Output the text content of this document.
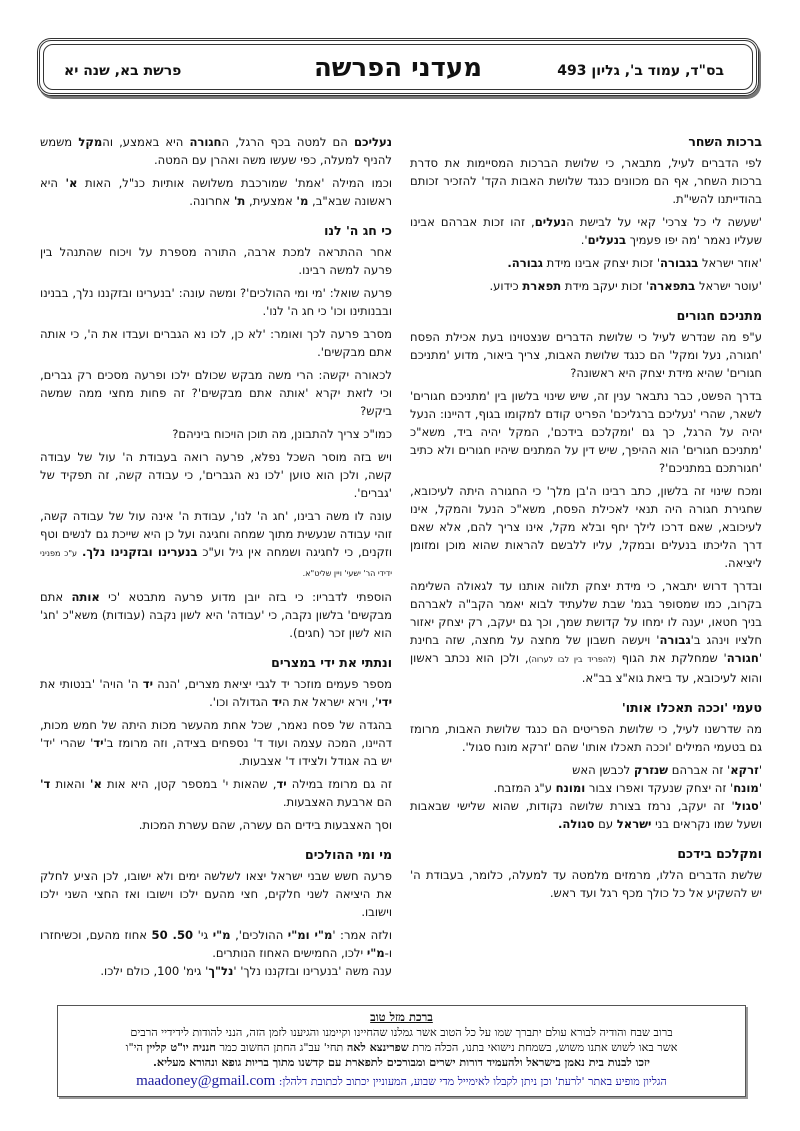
בס"ד, עמוד ב', גליון 493
מעדני הפרשה
פרשת בא, שנה יא
ברכות השחר

לפי הדברים לעיל, מתבאר, כי שלושת הברכות המסיימות את סדרת ברכות השחר, אף הם מכוונים כנגד שלושת האבות הקד' להזכיר זכותם בהודייתנו להשי"ת.

'שעשה לי כל צרכי' קאי על לבישת הנעלים, זהו זכות אברהם אבינו שעליו נאמר 'מה יפו פעמיך בנעלים'.

'אוזר ישראל בגבורה' זכות יצחק אבינו מידת גבורה.

'עוטר ישראל בתפארה' זכות יעקב מידת תפארת כידוע.

מתניכם חגורים

ע"פ מה שנדרש לעיל כי שלושת הדברים שנצטוינו בעת אכילת הפסח 'חגורה, נעל ומקל' הם כנגד שלושת האבות, צריך ביאור, מדוע 'מתניכם חגורים' שהיא מידת יצחק היא ראשונה?

בדרך הפשט, כבר נתבאר ענין זה, שיש שינוי בלשון בין 'מתניכם חגורים' לשאר, שהרי 'נעליכם ברגליכם' הפריט קודם למקומו בגוף, דהיינו: הנעל יהיה על הרגל, כך גם 'ומקלכם בידכם', המקל יהיה ביד, משא"כ 'מתניכם חגורים' הוא ההיפך, שיש דין על המתנים שיהיו חגורים ולא כתיב 'חגורתכם במתניכם'?

ומכח שינוי זה בלשון, כתב רבינו ה'בן מלך' כי החגורה היתה לעיכובא, שחגירת חגורה היה תנאי לאכילת הפסח, משא"כ הנעל והמקל, אינו לעיכובא, שאם דרכו לילך יחף ובלא מקל, אינו צריך להם, אלא שאם דרך הליכתו בנעלים ובמקל, עליו ללבשם להראות שהוא מוכן ומזומן ליציאה.

ובדרך דרוש יתבאר, כי מידת יצחק תלווה אותנו עד לגאולה השלימה בקרוב, כמו שמסופר בגמ' שבת שלעתיד לבוא יאמר הקב"ה לאברהם בניך חטאו, יענה לו ימחו על קדושת שמך, וכך גם יעקב, רק יצחק יאזור חלציו וינהג ב'גבורה' ויעשה חשבון של מחצה על מחצה, שזה בחינת 'חגורה' שמחלקת את הגוף (להפריד בין לבו לערוה), ולכן הוא נכתב ראשון והוא לעיכובא, עד ביאת גוא"צ בב"א.

טעמי 'וככה תאכלו אותו'

מה שדרשנו לעיל, כי שלושת הפריטים הם כנגד שלושת האבות, מרומז גם בטעמי המילים 'וככה תאכלו אותו' שהם 'זרקא מונח סגול'.

'זרקא' זה אברהם שנזרק לכבשן האש
'מונח' זה יצחק שנעקד ואפרו צבור ומונח ע"ג המזבח.
'סגול' זה יעקב, נרמז בצורת שלושה נקודות, שהוא שלישי שבאבות ושעל שמו נקראים בני ישראל עם סגולה.

ומקלכם בידכם

שלשת הדברים הללו, מרמזים מלמטה עד למעלה, כלומר, בעבודת ה' יש להשקיע אל כל כולך מכף רגל ועד ראש.

נעליכם הם למטה בכף הרגל, החגורה היא באמצע, והמקל משמש להניף למעלה, כפי שעשו משה ואהרן עם המטה.

וכמו המילה 'אמת' שמורכבת משלושה אותיות כנ"ל, האות א' היא ראשונה שבא"ב, מ' אמצעית, ת' אחרונה.

כי חג ה' לנו

אחר ההתראה למכת ארבה, התורה מספרת על ויכוח שהתנהל בין פרעה למשה רבינו.

פרעה שואל: 'מי ומי ההולכים'? ומשה עונה: 'בנערינו ובזקננו נלך, בבנינו ובבנותינו וכו' כי חג ה' לנו'.

מסרב פרעה לכך ואומר: 'לא כן, לכו נא הגברים ועבדו את ה', כי אותה אתם מבקשים'.

לכאורה יקשה: הרי משה מבקש שכולם ילכו ופרעה מסכים רק גברים, וכי לזאת יקרא 'אותה אתם מבקשים'? זה פחות מחצי ממה שמשה ביקש?

כמו"כ צריך להתבונן, מה תוכן הויכוח ביניהם?

ויש בזה מוסר השכל נפלא, פרעה רואה בעבודת ה' עול של עבודה קשה, ולכן הוא טוען 'לכו נא הגברים', כי עבודה קשה, זה תפקיד של 'גברים'.

עונה לו משה רבינו, 'חג ה' לנו', עבודת ה' אינה עול של עבודה קשה, זוהי עבודה שנעשית מתוך שמחה וחגיגה ועל כן היא שייכת גם לנשים וטף וזקנים, כי לחגיגה ושמחה אין גיל וע"כ בנערינו ובזקנינו נלך. ע"כ מפניני ידידי הר' ישעי' ויין שליט"א.

הוספתי לדבריו: כי בזה יובן מדוע פרעה מתבטא 'כי אותה אתם מבקשים' בלשון נקבה, כי 'עבודה' היא לשון נקבה (עבודות) משא"כ 'חג' הוא לשון זכר (חגים).

ונתתי את ידי במצרים

מספר פעמים מוזכר יד לגבי יציאת מצרים, 'הנה יד ה' הויה' 'בנטותי את ידי', וירא ישראל את היד הגדולה וכו'.

בהגדה של פסח נאמר, שכל אחת מהעשר מכות היתה של חמש מכות, דהיינו, המכה עצמה ועוד ד' נספחים בצידה, וזה מרומז ב'יד' שהרי 'יד' יש בה אגודל ולצידו ד' אצבעות.

זה גם מרומז במילה יד, שהאות י' במספר קטן, היא אות א' והאות ד' הם ארבעת האצבעות.

וסך האצבעות בידים הם עשרה, שהם עשרת המכות.

מי ומי ההולכים

פרעה חשש שבני ישראל יצאו לשלשה ימים ולא ישובו, לכן הציע לחלק את היציאה לשני חלקים, חצי מהעם ילכו וישובו ואז החצי השני ילכו וישובו.

ולזה אמר: 'מ"י ומ"י ההולכים', מ"י גי' 50. 50 אחוז מהעם, וכשיחזרו ו-מ"י ילכו, החמישים האחוז הנותרים.
ענה משה 'בנערינו ובזקננו נלך' 'נל"ך' גימ' 100, כולם ילכו.

ברכת מזל טוב
ברוב שבח והודיה לבורא עולם יתברך שמו על כל הטוב אשר גמלנו שהחיינו וקיימנו והגיענו לזמן הזה, הנני להודות לידידיי הרבים
אשר באו לשוש אתנו משוש, בשמחת נישואי בתנו, הכלה מרת שפרינצא לאה תחי' עב"ג החתן החשוב כמר חנניה יו"ט קליין הי"ו
יזכו לבנות בית נאמן בישראל ולהעמיד דורות ישרים ומבורכים לתפארת עם קדשנו מתוך בריות גופא ונהורא מעליא.
הגליון מופיע באתר 'לרעת' וכן ניתן לקבלו לאימייל מדי שבוע, המעוניין יכתוב לכתובת דלהלן: maadoney@gmail.com
